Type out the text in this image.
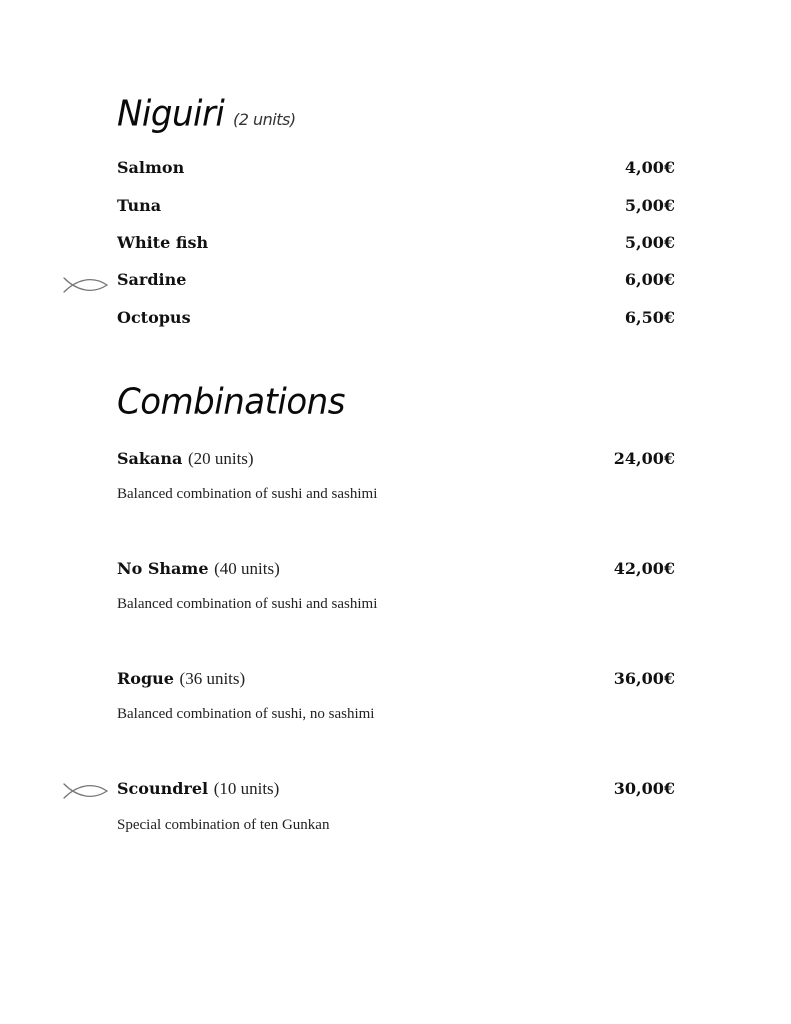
Niguiri (2 units)
Salmon	4,00€
Tuna	5,00€
White fish	5,00€
Sardine	6,00€
Octopus	6,50€
Combinations
Sakana (20 units)	24,00€
Balanced combination of sushi and sashimi
No Shame (40 units)	42,00€
Balanced combination of sushi and sashimi
Rogue (36 units)	36,00€
Balanced combination of sushi, no sashimi
Scoundrel (10 units)	30,00€
Special combination of ten Gunkan
